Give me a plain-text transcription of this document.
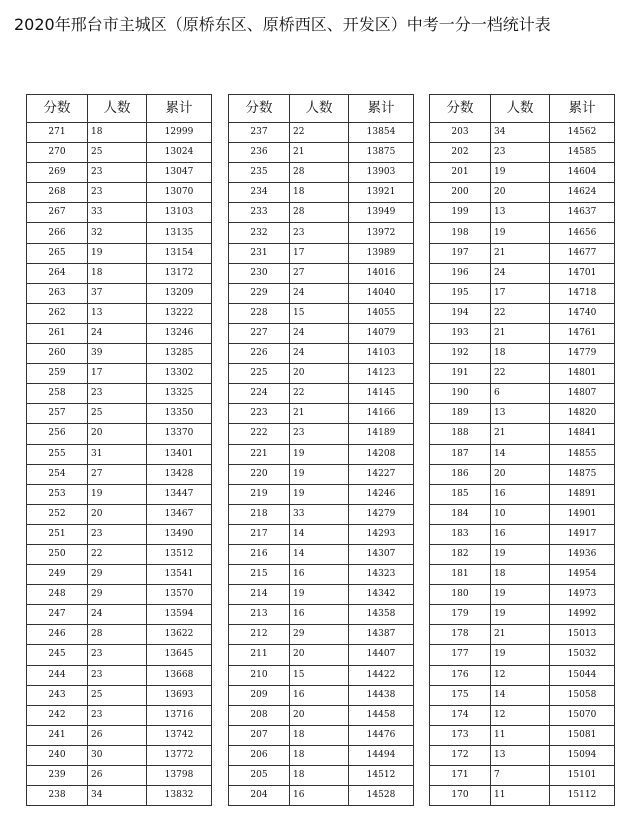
2020年邢台市主城区（原桥东区、原桥西区、开发区）中考一分一档统计表
分数	人数	累计
271	18	12999
270	25	13024
269	23	13047
268	23	13070
267	33	13103
266	32	13135
265	19	13154
264	18	13172
263	37	13209
262	13	13222
261	24	13246
260	39	13285
259	17	13302
258	23	13325
257	25	13350
256	20	13370
255	31	13401
254	27	13428
253	19	13447
252	20	13467
251	23	13490
250	22	13512
249	29	13541
248	29	13570
247	24	13594
246	28	13622
245	23	13645
244	23	13668
243	25	13693
242	23	13716
241	26	13742
240	30	13772
239	26	13798
238	34	13832
分数	人数	累计
237	22	13854
236	21	13875
235	28	13903
234	18	13921
233	28	13949
232	23	13972
231	17	13989
230	27	14016
229	24	14040
228	15	14055
227	24	14079
226	24	14103
225	20	14123
224	22	14145
223	21	14166
222	23	14189
221	19	14208
220	19	14227
219	19	14246
218	33	14279
217	14	14293
216	14	14307
215	16	14323
214	19	14342
213	16	14358
212	29	14387
211	20	14407
210	15	14422
209	16	14438
208	20	14458
207	18	14476
206	18	14494
205	18	14512
204	16	14528
分数	人数	累计
203	34	14562
202	23	14585
201	19	14604
200	20	14624
199	13	14637
198	19	14656
197	21	14677
196	24	14701
195	17	14718
194	22	14740
193	21	14761
192	18	14779
191	22	14801
190	6	14807
189	13	14820
188	21	14841
187	14	14855
186	20	14875
185	16	14891
184	10	14901
183	16	14917
182	19	14936
181	18	14954
180	19	14973
179	19	14992
178	21	15013
177	19	15032
176	12	15044
175	14	15058
174	12	15070
173	11	15081
172	13	15094
171	7	15101
170	11	15112
